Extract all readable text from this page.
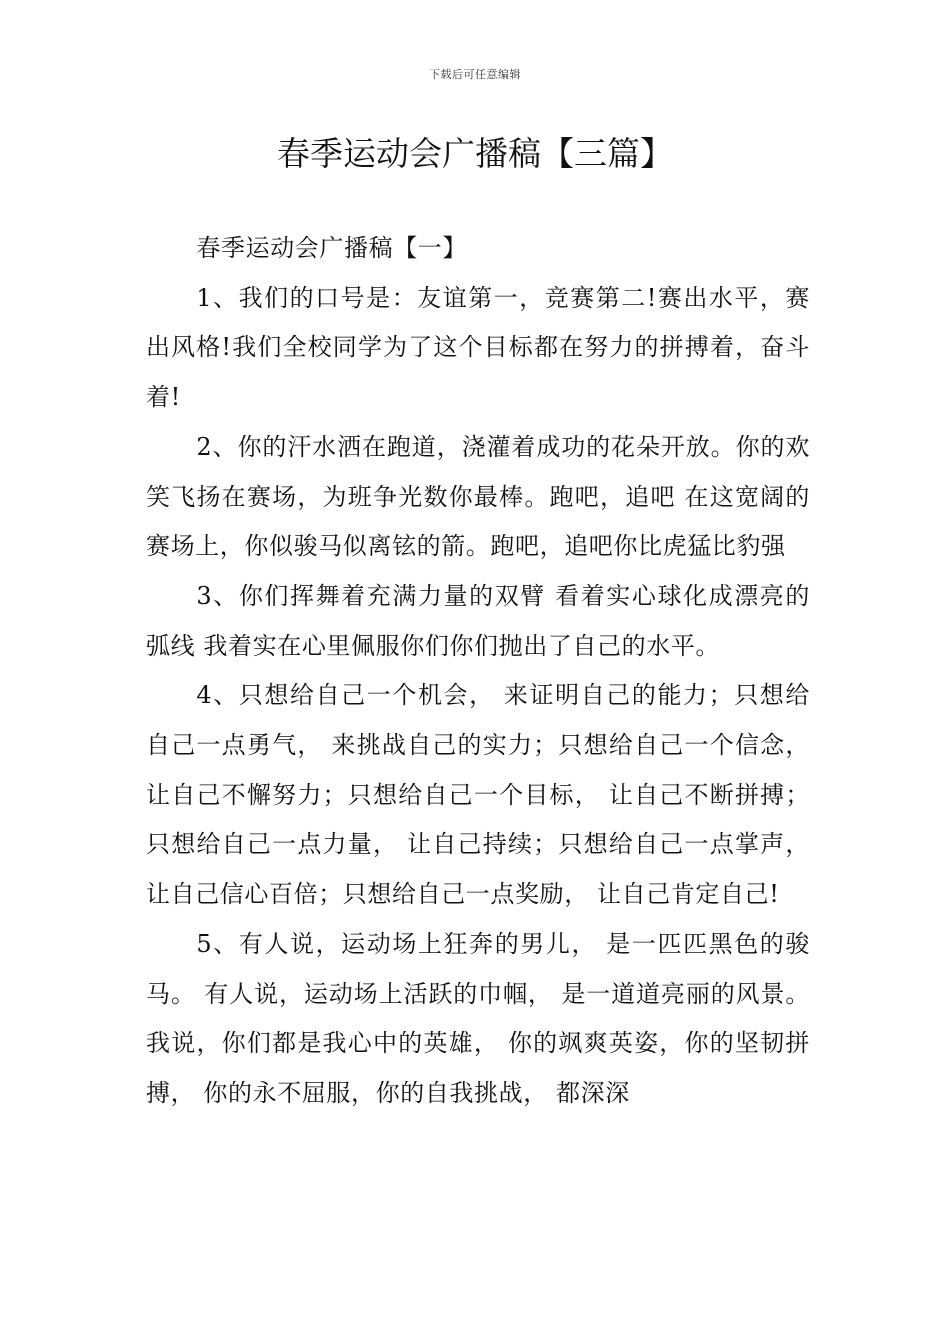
下载后可任意编辑
春季运动会广播稿【三篇】

春季运动会广播稿【一】

1、我们的口号是：友谊第一，竞赛第二!赛出水平，赛出风格!我们全校同学为了这个目标都在努力的拼搏着，奋斗着!

2、你的汗水洒在跑道，浇灌着成功的花朵开放。你的欢笑飞扬在赛场，为班争光数你最棒。跑吧，追吧 在这宽阔的赛场上，你似骏马似离铉的箭。跑吧，追吧你比虎猛比豹强

3、你们挥舞着充满力量的双臂 看着实心球化成漂亮的弧线 我着实在心里佩服你们你们抛出了自己的水平。

4、只想给自己一个机会， 来证明自己的能力；只想给自己一点勇气， 来挑战自己的实力；只想给自己一个信念， 让自己不懈努力；只想给自己一个目标， 让自己不断拼搏；只想给自己一点力量， 让自己持续；只想给自己一点掌声， 让自己信心百倍；只想给自己一点奖励， 让自己肯定自己!

5、有人说，运动场上狂奔的男儿， 是一匹匹黑色的骏马。 有人说，运动场上活跃的巾帼， 是一道道亮丽的风景。 我说，你们都是我心中的英雄， 你的飒爽英姿，你的坚韧拼搏， 你的永不屈服，你的自我挑战， 都深深
